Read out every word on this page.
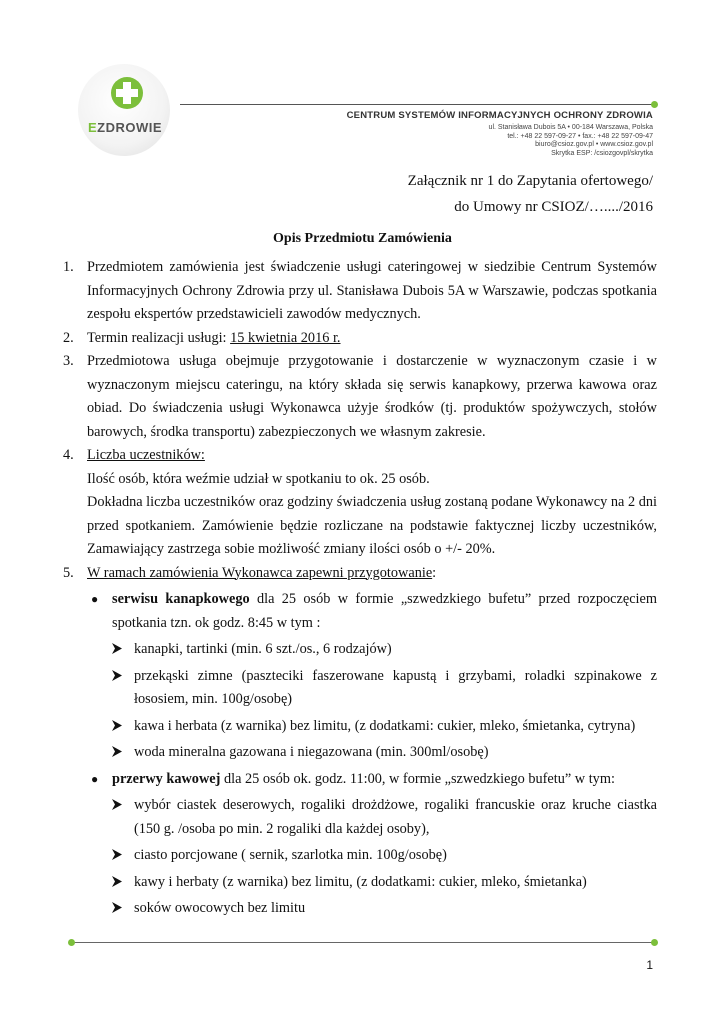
EZDROWIE
CENTRUM SYSTEMÓW INFORMACYJNYCH OCHRONY ZDROWIA
ul. Stanisława Dubois 5A • 00-184 Warszawa, Polska
tel.: +48 22 597-09-27 • fax.: +48 22 597-09-47
biuro@csioz.gov.pl • www.csioz.gov.pl
Skrytka ESP: /csiozgovpl/skrytka
Załącznik nr 1 do Zapytania ofertowego/
do Umowy nr CSIOZ/…..../2016
Opis Przedmiotu Zamówienia
1. Przedmiotem zamówienia jest świadczenie usługi cateringowej w siedzibie Centrum Systemów Informacyjnych Ochrony Zdrowia przy ul. Stanisława Dubois 5A w Warszawie, podczas spotkania zespołu ekspertów przedstawicieli zawodów medycznych.
2. Termin realizacji usługi: 15 kwietnia 2016 r.
3. Przedmiotowa usługa obejmuje przygotowanie i dostarczenie w wyznaczonym czasie i w wyznaczonym miejscu cateringu, na który składa się serwis kanapkowy, przerwa kawowa oraz obiad. Do świadczenia usługi Wykonawca użyje środków (tj. produktów spożywczych, stołów barowych, środka transportu) zabezpieczonych we własnym zakresie.
4. Liczba uczestników:
Ilość osób, która weźmie udział w spotkaniu to ok. 25 osób.
Dokładna liczba uczestników oraz godziny świadczenia usług zostaną podane Wykonawcy na 2 dni przed spotkaniem. Zamówienie będzie rozliczane na podstawie faktycznej liczby uczestników, Zamawiający zastrzega sobie możliwość zmiany ilości osób o +/- 20%.
5. W ramach zamówienia Wykonawca zapewni przygotowanie:
● serwisu kanapkowego dla 25 osób w formie „szwedzkiego bufetu” przed rozpoczęciem spotkania tzn. ok godz. 8:45 w tym :
kanapki, tartinki (min. 6 szt./os., 6 rodzajów)
przekąski zimne (paszteciki faszerowane kapustą i grzybami, roladki szpinakowe z łososiem, min. 100g/osobę)
kawa i herbata (z warnika) bez limitu, (z dodatkami: cukier, mleko, śmietanka, cytryna)
woda mineralna gazowana i niegazowana (min. 300ml/osobę)
● przerwy kawowej dla 25 osób ok. godz. 11:00, w formie „szwedzkiego bufetu” w tym:
wybór ciastek deserowych, rogaliki drożdżowe, rogaliki francuskie oraz kruche ciastka (150 g. /osoba po min. 2 rogaliki dla każdej osoby),
ciasto porcjowane ( sernik, szarlotka min. 100g/osobę)
kawy i herbaty (z warnika) bez limitu, (z dodatkami: cukier, mleko, śmietanka)
soków owocowych bez limitu
1
